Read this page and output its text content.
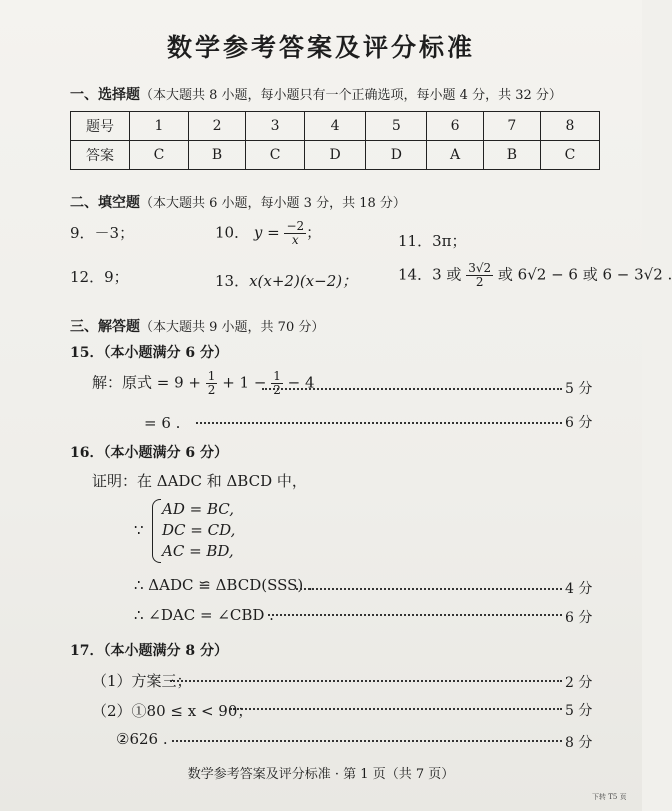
数学参考答案及评分标准
一、选择题（本大题共 8 小题，每小题只有一个正确选项，每小题 4 分，共 32 分）
题号	1	2	3	4	5	6	7	8
答案	C	B	C	D	D	A	B	C
二、填空题（本大题共 6 小题，每小题 3 分，共 18 分）
9．－3；	10． $y = \frac{-2}{x}$ ；	11．3π；
12．9；	13．x(x+2)(x−2)；	14．3 或 $\frac{3√2}{2}$ 或 6√2 − 6 或 6 − 3√2 .
三、解答题（本大题共 9 小题，共 70 分）
15．（本小题满分 6 分）
解：原式 = $9 + \frac{1}{2} + 1 - \frac{1}{2} - 4$	5 分
= 6 .	6 分
16．（本小题满分 6 分）
证明：在 ΔADC 和 ΔBCD 中，
∵
AD = BC,
DC = CD,
AC = BD,
∴ ΔADC ≌ ΔBCD(SSS) .	4 分
∴ ∠DAC = ∠CBD .	6 分
17．（本小题满分 8 分）
（1）方案三；	2 分
（2）①80 ≤ x < 90；	5 分
②626 .	8 分
数学参考答案及评分标准 · 第 1 页（共 7 页）
下转 T5 页
